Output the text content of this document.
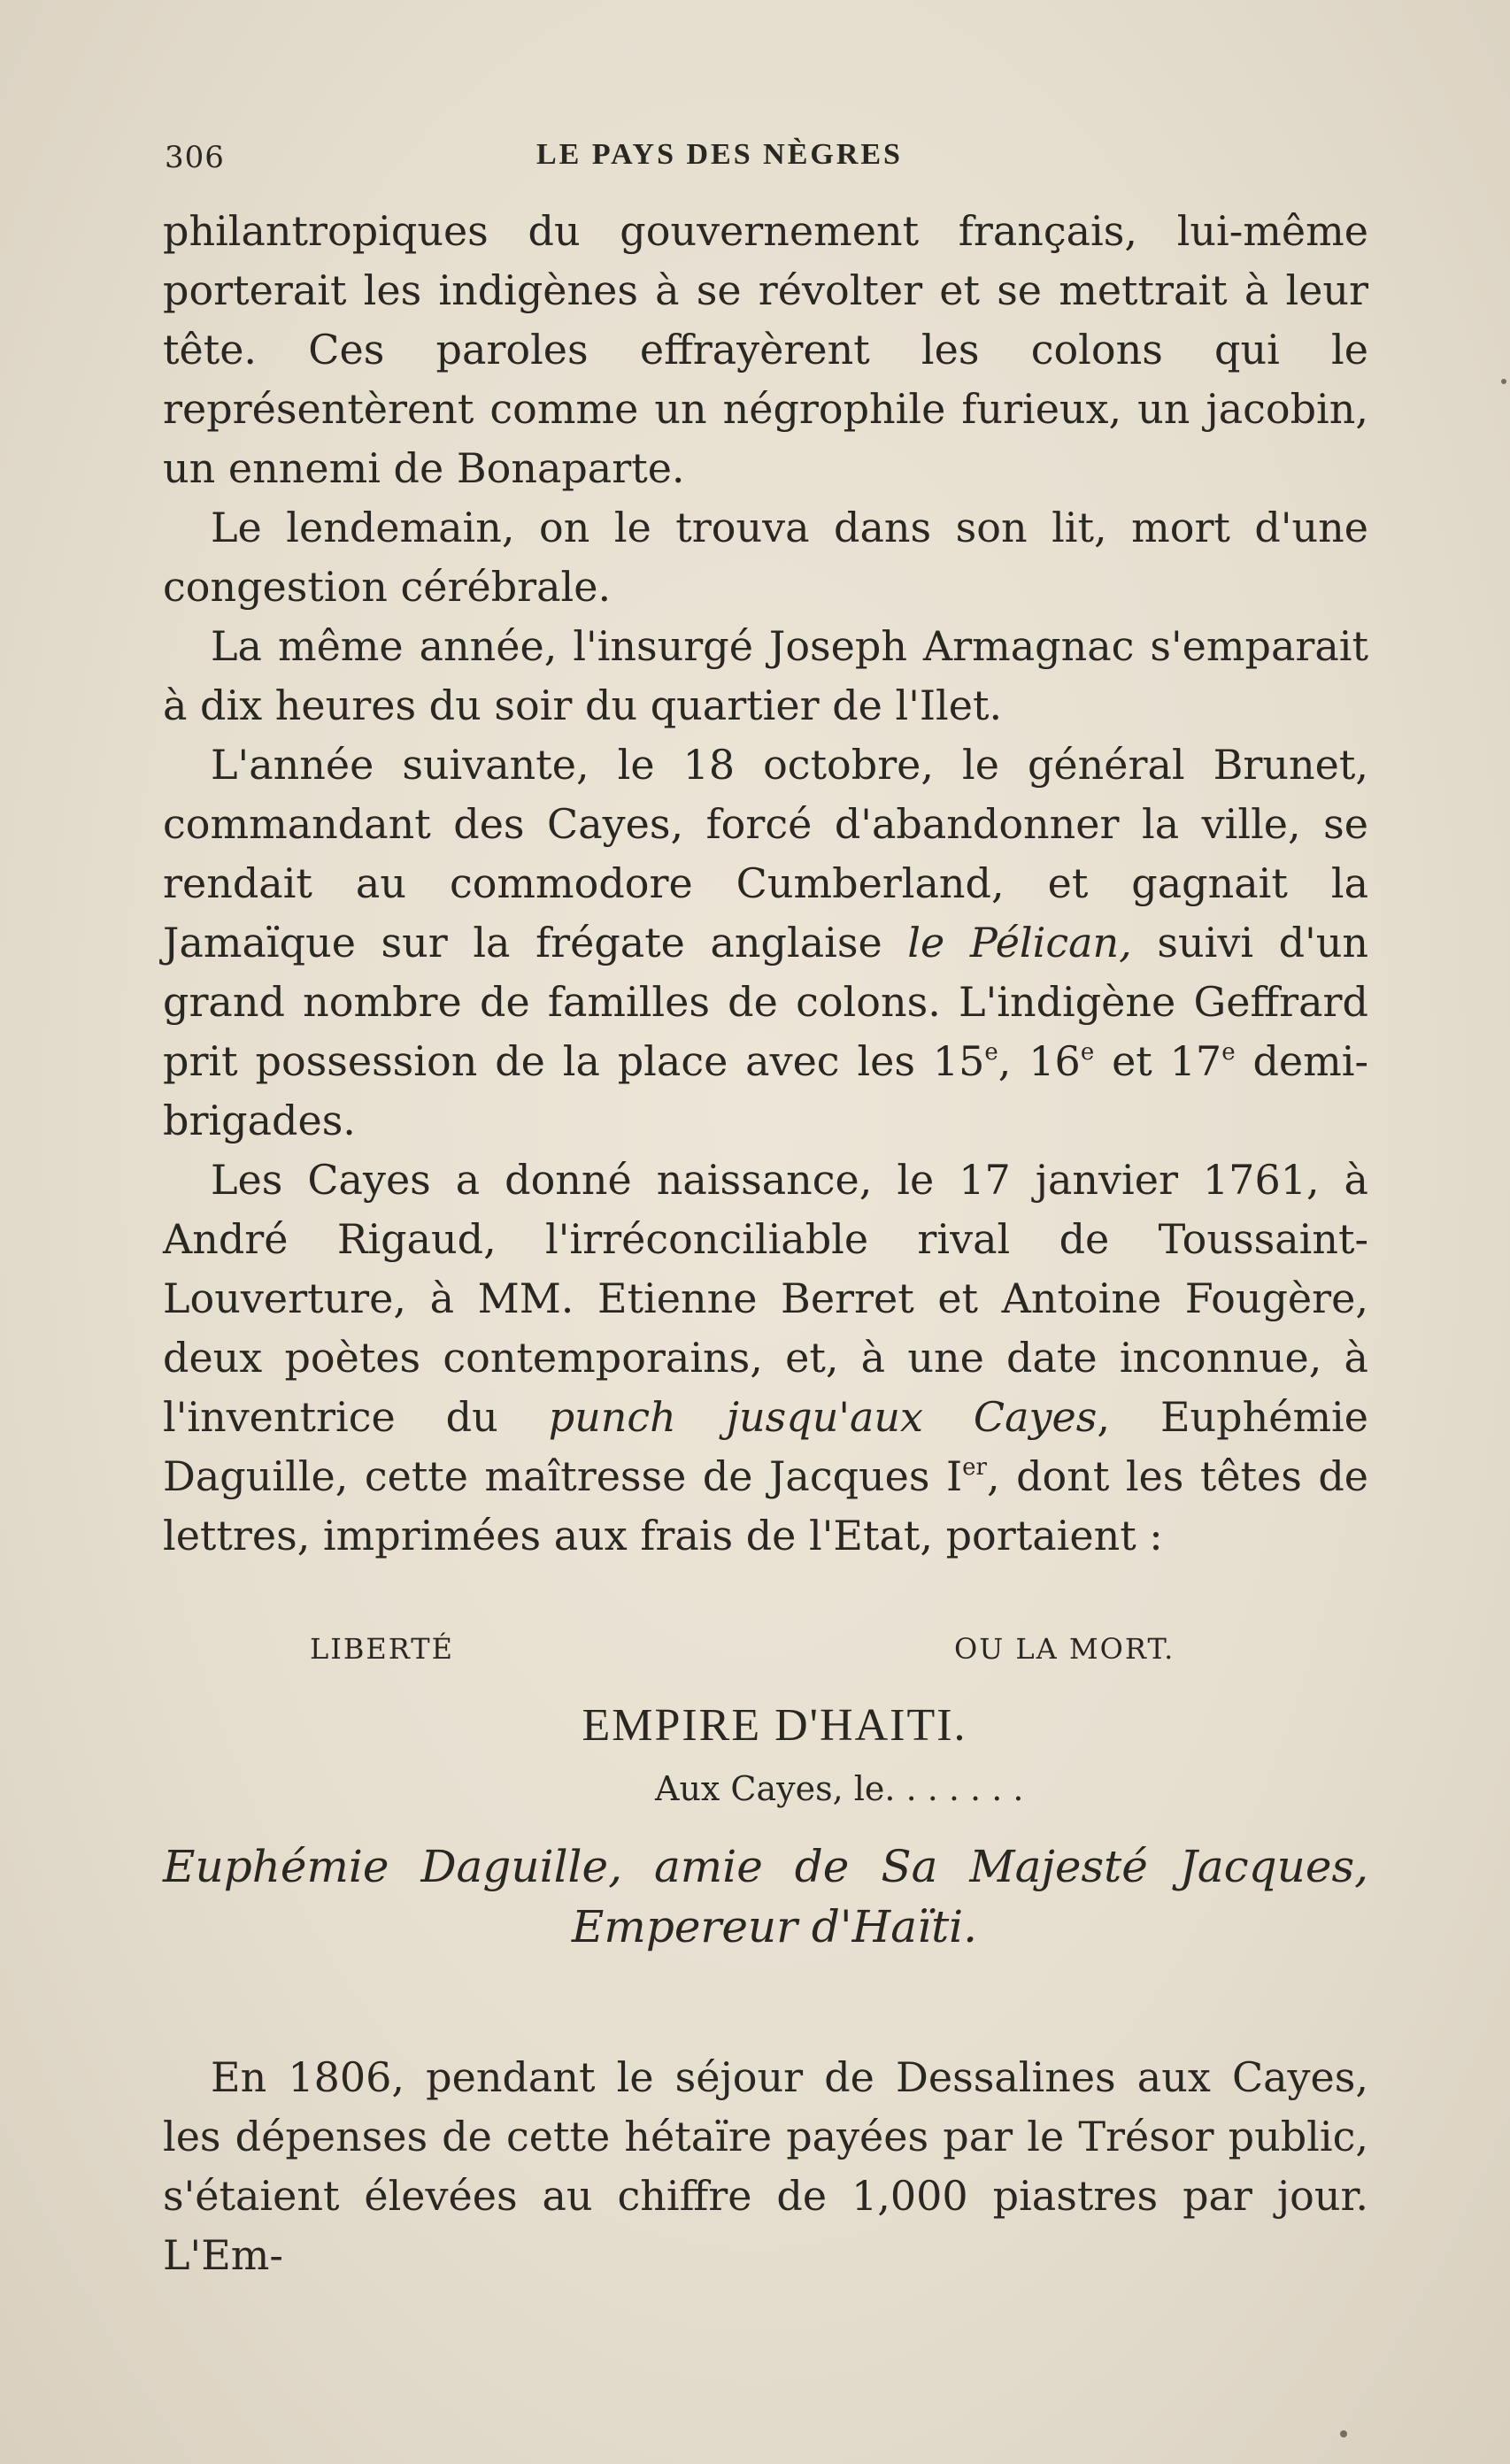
306	LE PAYS DES NÈGRES

philantropiques du gouvernement français, lui-même porterait les indigènes à se révolter et se mettrait à leur tête. Ces paroles effrayèrent les colons qui le représentèrent comme un négrophile furieux, un jacobin, un ennemi de Bonaparte.

Le lendemain, on le trouva dans son lit, mort d'une congestion cérébrale.

La même année, l'insurgé Joseph Armagnac s'emparait à dix heures du soir du quartier de l'Ilet.

L'année suivante, le 18 octobre, le général Brunet, commandant des Cayes, forcé d'abandonner la ville, se rendait au commodore Cumberland, et gagnait la Jamaïque sur la frégate anglaise le Pélican, suivi d'un grand nombre de familles de colons. L'indigène Geffrard prit possession de la place avec les 15e, 16e et 17e demi-brigades.

Les Cayes a donné naissance, le 17 janvier 1761, à André Rigaud, l'irréconciliable rival de Toussaint-Louverture, à MM. Etienne Berret et Antoine Fougère, deux poètes contemporains, et, à une date inconnue, à l'inventrice du punch jusqu'aux Cayes, Euphémie Daguille, cette maîtresse de Jacques Ier, dont les têtes de lettres, imprimées aux frais de l'Etat, portaient :

LIBERTÉ	OU LA MORT.
EMPIRE D'HAITI.
Aux Cayes, le. . . . . . .
Euphémie Daguille, amie de Sa Majesté Jacques,
Empereur d'Haïti.

En 1806, pendant le séjour de Dessalines aux Cayes, les dépenses de cette hétaïre payées par le Trésor public, s'étaient élevées au chiffre de 1,000 piastres par jour. L'Em-
